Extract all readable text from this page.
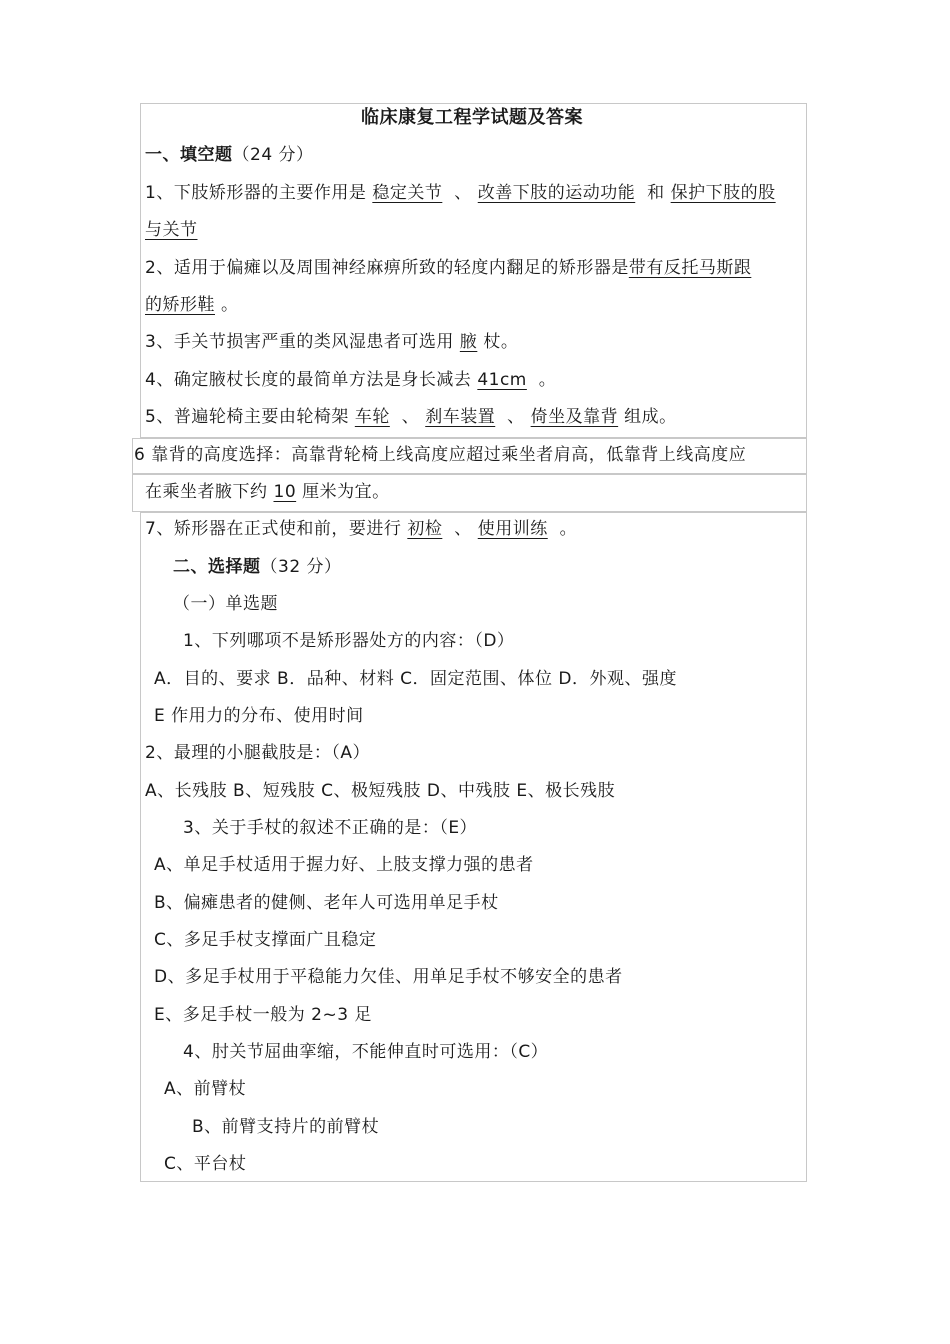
临床康复工程学试题及答案
一、填空题（24 分）
1、下肢矫形器的主要作用是 稳定关节 、 改善下肢的运动功能 和 保护下肢的股
与关节
2、适用于偏瘫以及周围神经麻痹所致的轻度内翻足的矫形器是带有反托马斯跟
的矫形鞋 。
3、手关节损害严重的类风湿患者可选用 腋 杖。
4、确定腋杖长度的最简单方法是身长减去 41cm 。
5、普遍轮椅主要由轮椅架 车轮 、 刹车装置 、 倚坐及靠背 组成。
6 靠背的高度选择：高靠背轮椅上线高度应超过乘坐者肩高，低靠背上线高度应
在乘坐者腋下约 10 厘米为宜。
7、矫形器在正式使和前，要进行 初检 、 使用训练 。
二、选择题（32 分）
（一）单选题
1、下列哪项不是矫形器处方的内容：（D）
A．目的、要求 B．品种、材料 C．固定范围、体位 D．外观、强度
E 作用力的分布、使用时间
2、最理的小腿截肢是：（A）
A、长残肢 B、短残肢 C、极短残肢 D、中残肢 E、极长残肢
3、关于手杖的叙述不正确的是：（E）
A、单足手杖适用于握力好、上肢支撑力强的患者
B、偏瘫患者的健侧、老年人可选用单足手杖
C、多足手杖支撑面广且稳定
D、多足手杖用于平稳能力欠佳、用单足手杖不够安全的患者
E、多足手杖一般为 2~3 足
4、肘关节屈曲挛缩，不能伸直时可选用：（C）
A、前臂杖
B、前臂支持片的前臂杖
C、平台杖
